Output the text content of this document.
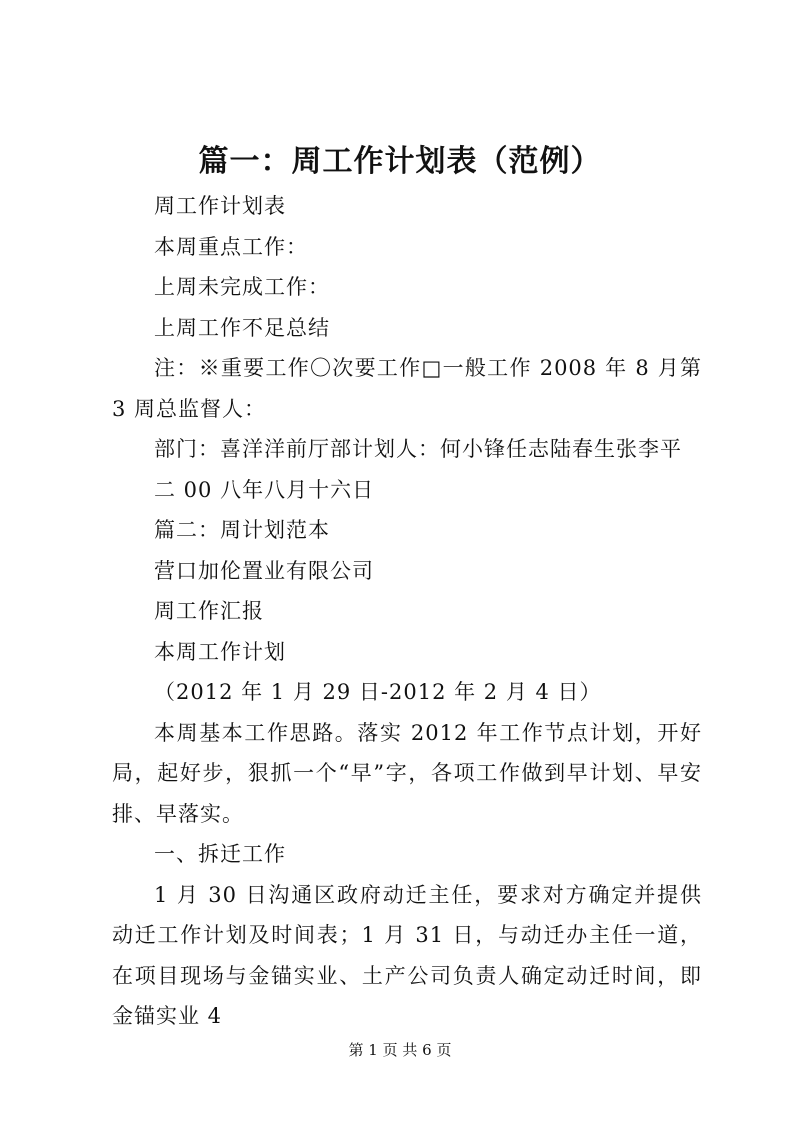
篇一：周工作计划表（范例）

周工作计划表

本周重点工作：

上周未完成工作：

上周工作不足总结

注：※重要工作〇次要工作□一般工作 2008 年 8 月第 3 周总监督人：

部门：喜洋洋前厅部计划人：何小锋任志陆春生张李平

二 00 八年八月十六日

篇二：周计划范本

营口加伦置业有限公司

周工作汇报

本周工作计划

（2012 年 1 月 29 日-2012 年 2 月 4 日）

本周基本工作思路。落实 2012 年工作节点计划，开好局，起好步，狠抓一个“早”字，各项工作做到早计划、早安排、早落实。

一、拆迁工作

1 月 30 日沟通区政府动迁主任，要求对方确定并提供动迁工作计划及时间表；1 月 31 日，与动迁办主任一道，在项目现场与金锚实业、土产公司负责人确定动迁时间，即金锚实业 4

第 1 页 共 6 页
